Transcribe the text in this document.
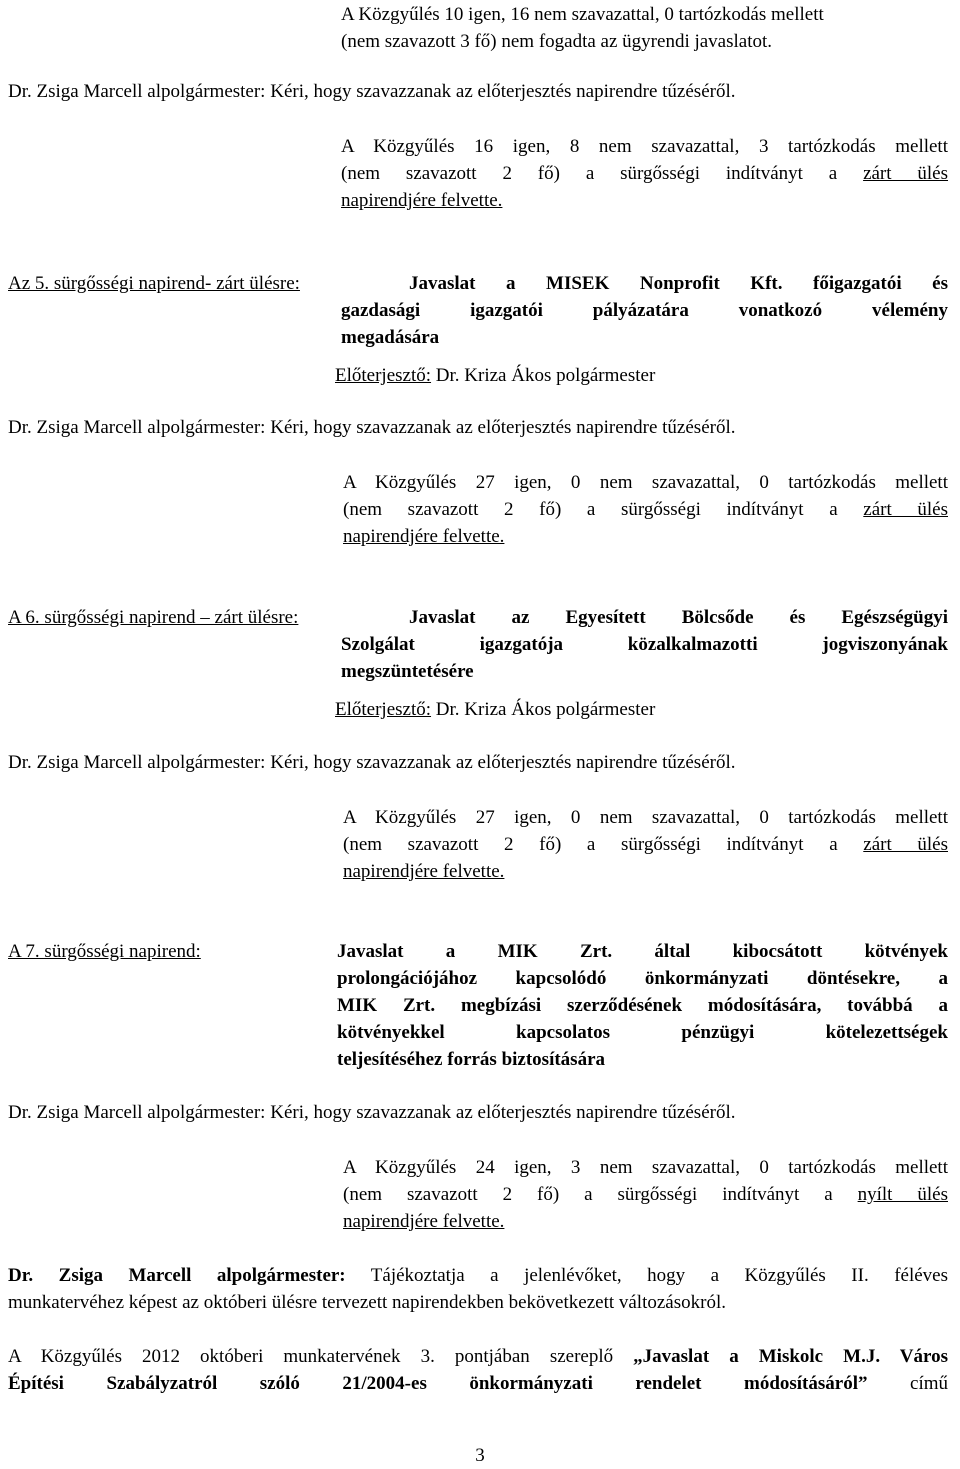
A Közgyűlés 10 igen, 16 nem szavazattal, 0 tartózkodás mellett
(nem szavazott 3 fő) nem fogadta az ügyrendi javaslatot.
Dr. Zsiga Marcell alpolgármester: Kéri, hogy szavazzanak az előterjesztés napirendre tűzéséről.
A Közgyűlés 16 igen, 8 nem szavazattal, 3 tartózkodás mellett
(nem szavazott 2 fő) a sürgősségi indítványt a zárt ülés
napirendjére felvette.
Az 5. sürgősségi napirend- zárt ülésre:	Javaslat a MISEK Nonprofit Kft. főigazgatói és
gazdasági igazgatói pályázatára vonatkozó vélemény
megadására
Előterjesztő: Dr. Kriza Ákos polgármester
Dr. Zsiga Marcell alpolgármester: Kéri, hogy szavazzanak az előterjesztés napirendre tűzéséről.
A Közgyűlés 27 igen, 0 nem szavazattal, 0 tartózkodás mellett
(nem szavazott 2 fő) a sürgősségi indítványt a zárt ülés
napirendjére felvette.
A 6. sürgősségi napirend – zárt ülésre:	Javaslat az Egyesített Bölcsőde és Egészségügyi
Szolgálat igazgatója közalkalmazotti jogviszonyának
megszüntetésére
Előterjesztő: Dr. Kriza Ákos polgármester
Dr. Zsiga Marcell alpolgármester: Kéri, hogy szavazzanak az előterjesztés napirendre tűzéséről.
A Közgyűlés 27 igen, 0 nem szavazattal, 0 tartózkodás mellett
(nem szavazott 2 fő) a sürgősségi indítványt a zárt ülés
napirendjére felvette.
A 7. sürgősségi napirend:	Javaslat a MIK Zrt. által kibocsátott kötvények
prolongációjához kapcsolódó önkormányzati döntésekre, a
MIK Zrt. megbízási szerződésének módosítására, továbbá a
kötvényekkel kapcsolatos pénzügyi kötelezettségek
teljesítéséhez forrás biztosítására
Dr. Zsiga Marcell alpolgármester: Kéri, hogy szavazzanak az előterjesztés napirendre tűzéséről.
A Közgyűlés 24 igen, 3 nem szavazattal, 0 tartózkodás mellett
(nem szavazott 2 fő) a sürgősségi indítványt a nyílt ülés
napirendjére felvette.
Dr. Zsiga Marcell alpolgármester: Tájékoztatja a jelenlévőket, hogy a Közgyűlés II. féléves
munkatervéhez képest az októberi ülésre tervezett napirendekben bekövetkezett változásokról.
A Közgyűlés 2012 októberi munkatervének 3. pontjában szereplő „Javaslat a Miskolc M.J. Város
Építési Szabályzatról szóló 21/2004-es önkormányzati rendelet módosításáról” című
3
